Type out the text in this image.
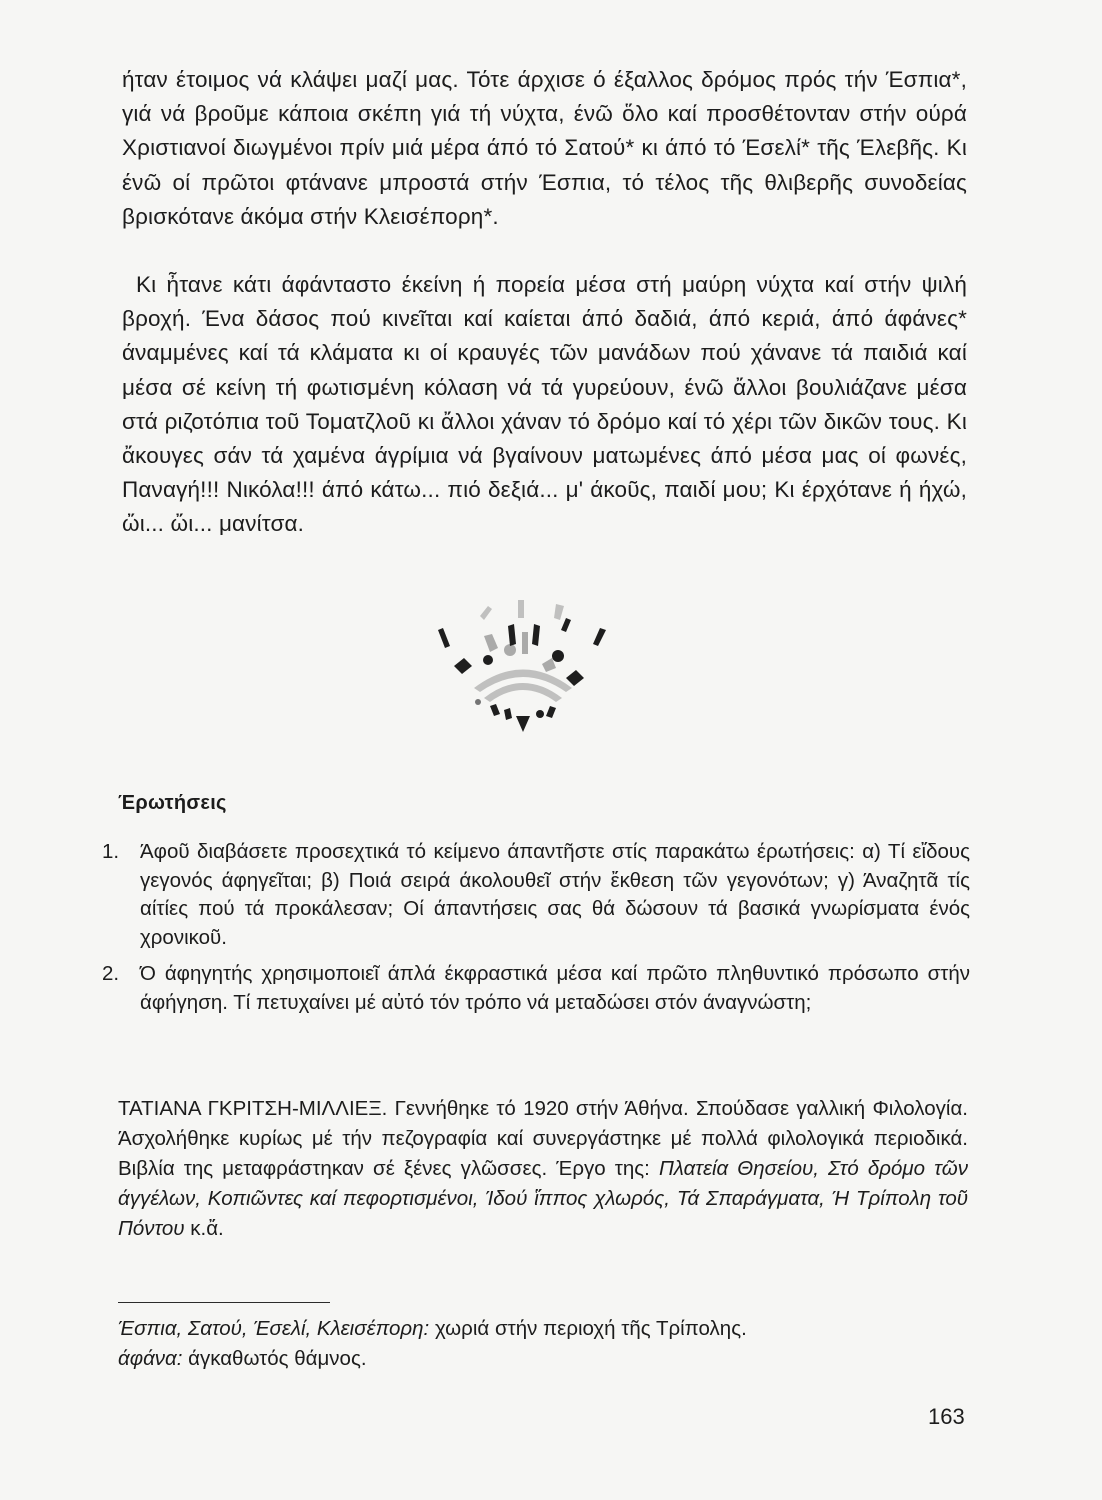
ήταν έτοιμος νά κλάψει μαζί μας. Τότε άρχισε ό έξαλλος δρόμος πρός τήν Έσπια*, γιά νά βροῦμε κάποια σκέπη γιά τή νύχτα, ένῶ ὅλο καί προσθέτονταν στήν ούρά Χριστιανοί διωγμένοι πρίν μιά μέρα άπό τό Σατού* κι άπό τό Έσελί* τῆς Έλεβῆς. Κι ένῶ οί πρῶτοι φτάνανε μπροστά στήν Έσπια, τό τέλος τῆς θλιβερῆς συνοδείας βρισκότανε άκόμα στήν Κλεισέπορη*.

Κι ἦτανε κάτι άφάνταστο έκείνη ή πορεία μέσα στή μαύρη νύχτα καί στήν ψιλή βροχή. Ένα δάσος πού κινεῖται καί καίεται άπό δαδιά, άπό κεριά, άπό άφάνες* άναμμένες καί τά κλάματα κι οί κραυγές τῶν μανάδων πού χάνανε τά παιδιά καί μέσα σέ κείνη τή φωτισμένη κόλαση νά τά γυρεύουν, ένῶ ἄλλοι βουλιάζανε μέσα στά ριζοτόπια τοῦ Τοματζλοῦ κι ἄλλοι χάναν τό δρόμο καί τό χέρι τῶν δικῶν τους. Κι ἄκουγες σάν τά χαμένα άγρίμια νά βγαίνουν ματωμένες άπό μέσα μας οί φωνές, Παναγή!!! Νικόλα!!! άπό κάτω... πιό δεξιά... μ' άκοῦς, παιδί μου; Κι έρχότανε ή ήχώ, ὤι... ὤι... μανίτσα.

Έρωτήσεις

1. Άφοῦ διαβάσετε προσεχτικά τό κείμενο άπαντῆστε στίς παρακάτω έρωτήσεις: α) Τί εἴδους γεγονός άφηγεῖται; β) Ποιά σειρά άκολουθεῖ στήν ἔκθεση τῶν γεγονότων; γ) Άναζητᾶ τίς αίτίες πού τά προκάλεσαν; Οί άπαντήσεις σας θά δώσουν τά βασικά γνωρίσματα ένός χρονικοῦ.
2. Ό άφηγητής χρησιμοποιεῖ άπλά έκφραστικά μέσα καί πρῶτο πληθυντικό πρόσωπο στήν άφήγηση. Τί πετυχαίνει μέ αὐτό τόν τρόπο νά μεταδώσει στόν άναγνώστη;

ΤΑΤΙΑΝΑ ΓΚΡΙΤΣΗ-ΜΙΛΛΙΕΞ. Γεννήθηκε τό 1920 στήν Άθήνα. Σπούδασε γαλλική Φιλολογία. Άσχολήθηκε κυρίως μέ τήν πεζογραφία καί συνεργάστηκε μέ πολλά φιλολογικά περιοδικά. Βιβλία της μεταφράστηκαν σέ ξένες γλῶσσες. Έργο της: Πλατεία Θησείου, Στό δρόμο τῶν άγγέλων, Κοπιῶντες καί πεφορτισμένοι, Ίδού ἵππος χλωρός, Τά Σπαράγματα, Ή Τρίπολη τοῦ Πόντου κ.ἄ.

Έσπια, Σατού, Έσελί, Κλεισέπορη: χωριά στήν περιοχή τῆς Τρίπολης.
άφάνα: άγκαθωτός θάμνος.

163
